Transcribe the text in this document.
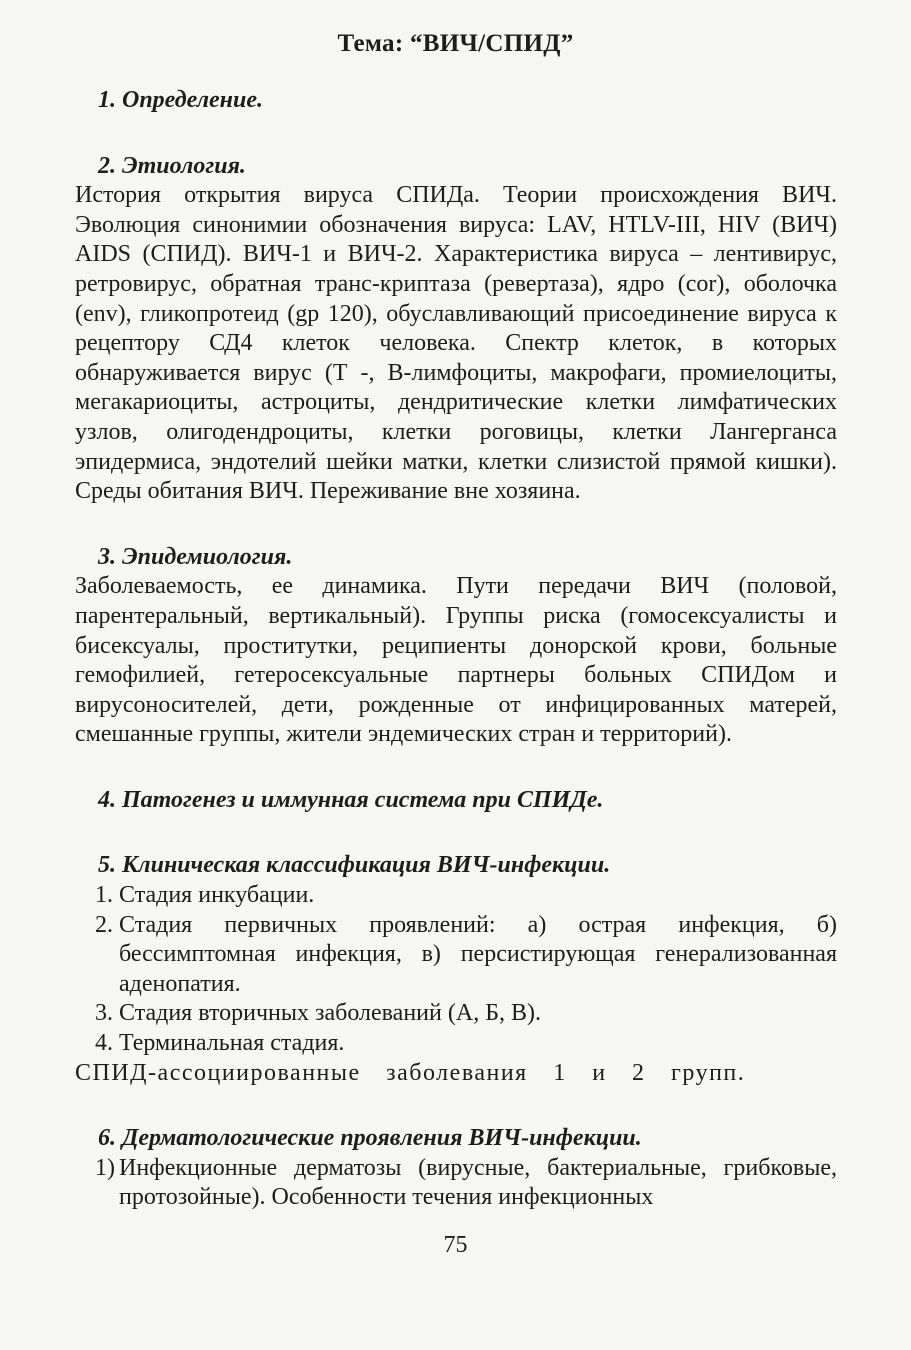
Тема: “ВИЧ/СПИД”
1. Определение.
2. Этиология.
История открытия вируса СПИДа. Теории происхождения ВИЧ. Эволюция синонимии обозначения вируса: LAV, HTLV-III, HIV (ВИЧ) AIDS (СПИД). ВИЧ-1 и ВИЧ-2. Характеристика вируса – лентивирус, ретровирус, обратная транс-криптаза (ревертаза), ядро (cor), оболочка (env), гликопротеид (gp 120), обуславливающий присоединение вируса к рецептору СД4 клеток человека. Спектр клеток, в которых обнаруживается вирус (Т -, В-лимфоциты, макрофаги, промиелоциты, мегакариоциты, астроциты, дендритические клетки лимфатических узлов, олигодендроциты, клетки роговицы, клетки Лангерганса эпидермиса, эндотелий шейки матки, клетки слизистой прямой кишки). Среды обитания ВИЧ. Переживание вне хозяина.
3. Эпидемиология.
Заболеваемость, ее динамика. Пути передачи ВИЧ (половой, парентеральный, вертикальный). Группы риска (гомосексуалисты и бисексуалы, проститутки, реципиенты донорской крови, больные гемофилией, гетеросексуальные партнеры больных СПИДом и вирусоносителей, дети, рожденные от инфицированных матерей, смешанные группы, жители эндемических стран и территорий).
4. Патогенез и иммунная система при СПИДе.
5. Клиническая классификация ВИЧ-инфекции.
1. Стадия инкубации.
2. Стадия первичных проявлений: а) острая инфекция, б) бессимптомная инфекция, в) персистирующая генерализованная аденопатия.
3. Стадия вторичных заболеваний (А, Б, В).
4. Терминальная стадия.
СПИД-ассоциированные заболевания 1 и 2 групп.
6. Дерматологические проявления ВИЧ-инфекции.
1) Инфекционные дерматозы (вирусные, бактериальные, грибковые, протозойные). Особенности течения инфекционных
75
